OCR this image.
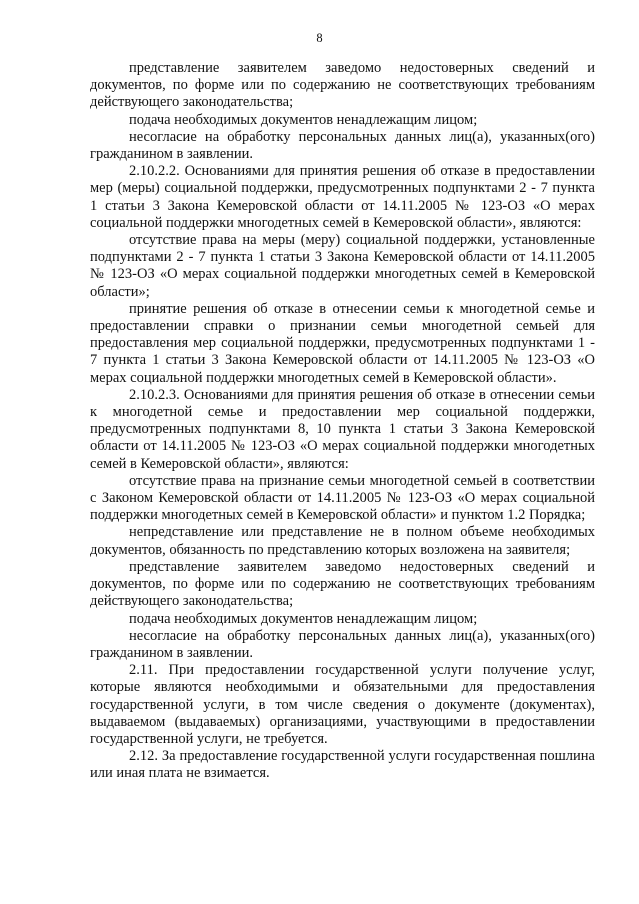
8

представление заявителем заведомо недостоверных сведений и документов, по форме или по содержанию не соответствующих требованиям действующего законодательства;

подача необходимых документов ненадлежащим лицом;

несогласие на обработку персональных данных лиц(а), указанных(ого) гражданином в заявлении.

2.10.2.2. Основаниями для принятия решения об отказе в предоставлении мер (меры) социальной поддержки, предусмотренных подпунктами 2 - 7 пункта 1 статьи 3 Закона Кемеровской области от 14.11.2005 № 123-ОЗ «О мерах социальной поддержки многодетных семей в Кемеровской области», являются:

отсутствие права на меры (меру) социальной поддержки, установленные подпунктами 2 - 7 пункта 1 статьи 3 Закона Кемеровской области от 14.11.2005 № 123-ОЗ «О мерах социальной поддержки многодетных семей в Кемеровской области»;

принятие решения об отказе в отнесении семьи к многодетной семье и предоставлении справки о признании семьи многодетной семьей для предоставления мер социальной поддержки, предусмотренных подпунктами 1 - 7 пункта 1 статьи 3 Закона Кемеровской области от 14.11.2005 № 123-ОЗ «О мерах социальной поддержки многодетных семей в Кемеровской области».

2.10.2.3. Основаниями для принятия решения об отказе в отнесении семьи к многодетной семье и предоставлении мер социальной поддержки, предусмотренных подпунктами 8, 10 пункта 1 статьи 3 Закона Кемеровской области от 14.11.2005 № 123-ОЗ «О мерах социальной поддержки многодетных семей в Кемеровской области», являются:

отсутствие права на признание семьи многодетной семьей в соответствии с Законом Кемеровской области от 14.11.2005 № 123-ОЗ «О мерах социальной поддержки многодетных семей в Кемеровской области» и пунктом 1.2 Порядка;

непредставление или представление не в полном объеме необходимых документов, обязанность по представлению которых возложена на заявителя;

представление заявителем заведомо недостоверных сведений и документов, по форме или по содержанию не соответствующих требованиям действующего законодательства;

подача необходимых документов ненадлежащим лицом;

несогласие на обработку персональных данных лиц(а), указанных(ого) гражданином в заявлении.

2.11. При предоставлении государственной услуги получение услуг, которые являются необходимыми и обязательными для предоставления государственной услуги, в том числе сведения о документе (документах), выдаваемом (выдаваемых) организациями, участвующими в предоставлении государственной услуги, не требуется.

2.12. За предоставление государственной услуги государственная пошлина или иная плата не взимается.
